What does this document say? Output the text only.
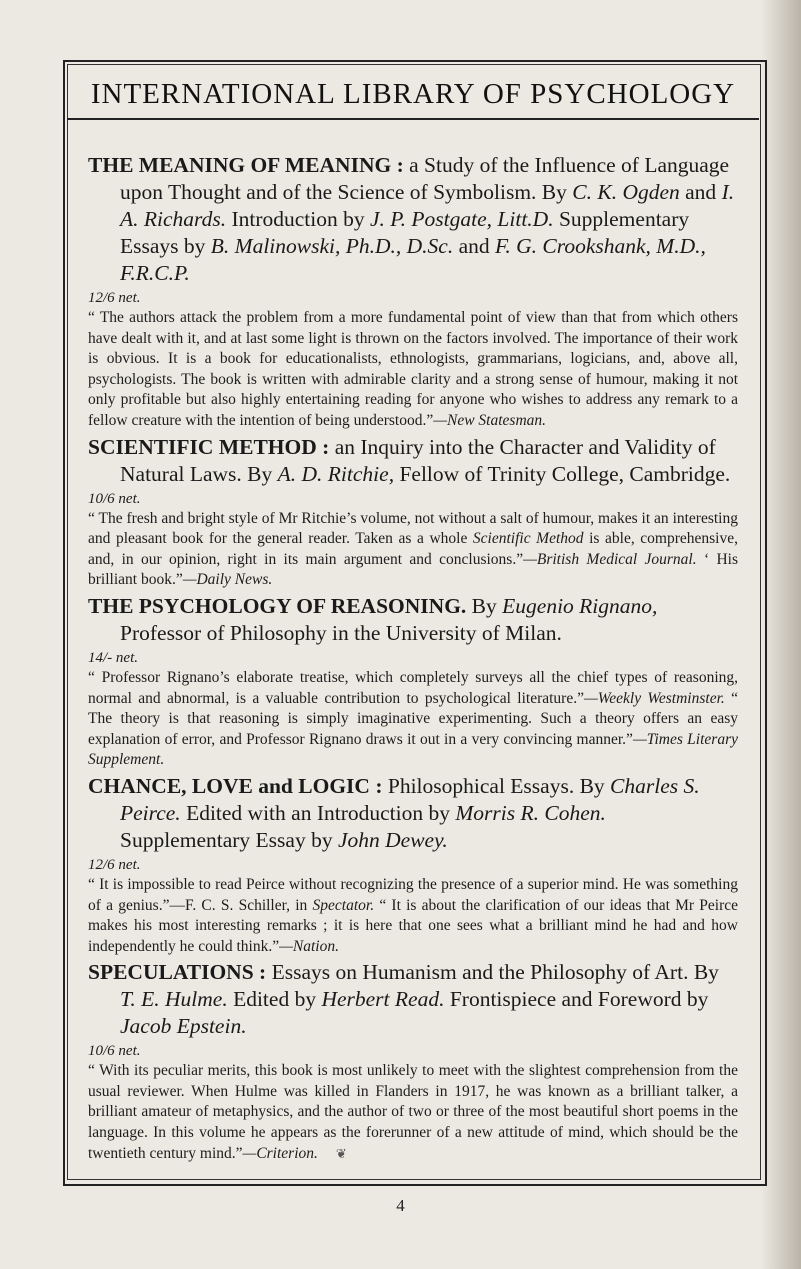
INTERNATIONAL LIBRARY OF PSYCHOLOGY
THE MEANING OF MEANING : a Study of the Influence of Language upon Thought and of the Science of Symbolism. By C. K. Ogden and I. A. Richards. Introduction by J. P. Postgate, Litt.D. Supplementary Essays by B. Malinowski, Ph.D., D.Sc. and F. G. Crookshank, M.D., F.R.C.P.
12/6 net.
“ The authors attack the problem from a more fundamental point of view than that from which others have dealt with it, and at last some light is thrown on the factors involved. The importance of their work is obvious. It is a book for educationalists, ethnologists, grammarians, logicians, and, above all, psychologists. The book is written with admirable clarity and a strong sense of humour, making it not only profitable but also highly entertaining reading for anyone who wishes to address any remark to a fellow creature with the intention of being understood.”—New Statesman.
SCIENTIFIC METHOD : an Inquiry into the Character and Validity of Natural Laws. By A. D. Ritchie, Fellow of Trinity College, Cambridge.
10/6 net.
“ The fresh and bright style of Mr Ritchie’s volume, not without a salt of humour, makes it an interesting and pleasant book for the general reader. Taken as a whole Scientific Method is able, comprehensive, and, in our opinion, right in its main argument and conclusions.”—British Medical Journal. ‘ His brilliant book.”—Daily News.
THE PSYCHOLOGY OF REASONING. By Eugenio Rignano, Professor of Philosophy in the University of Milan.
14/- net.
“ Professor Rignano’s elaborate treatise, which completely surveys all the chief types of reasoning, normal and abnormal, is a valuable contribution to psychological literature.”—Weekly Westminster. “ The theory is that reasoning is simply imaginative experimenting. Such a theory offers an easy explanation of error, and Professor Rignano draws it out in a very convincing manner.”—Times Literary Supplement.
CHANCE, LOVE and LOGIC : Philosophical Essays. By Charles S. Peirce. Edited with an Introduction by Morris R. Cohen. Supplementary Essay by John Dewey.
12/6 net.
“ It is impossible to read Peirce without recognizing the presence of a superior mind. He was something of a genius.”—F. C. S. Schiller, in Spectator. “ It is about the clarification of our ideas that Mr Peirce makes his most interesting remarks ; it is here that one sees what a brilliant mind he had and how independently he could think.”—Nation.
SPECULATIONS : Essays on Humanism and the Philosophy of Art. By T. E. Hulme. Edited by Herbert Read. Frontispiece and Foreword by Jacob Epstein.
10/6 net.
“ With its peculiar merits, this book is most unlikely to meet with the slightest comprehension from the usual reviewer. When Hulme was killed in Flanders in 1917, he was known as a brilliant talker, a brilliant amateur of metaphysics, and the author of two or three of the most beautiful short poems in the language. In this volume he appears as the forerunner of a new attitude of mind, which should be the twentieth century mind.”—Criterion. ❦
4
